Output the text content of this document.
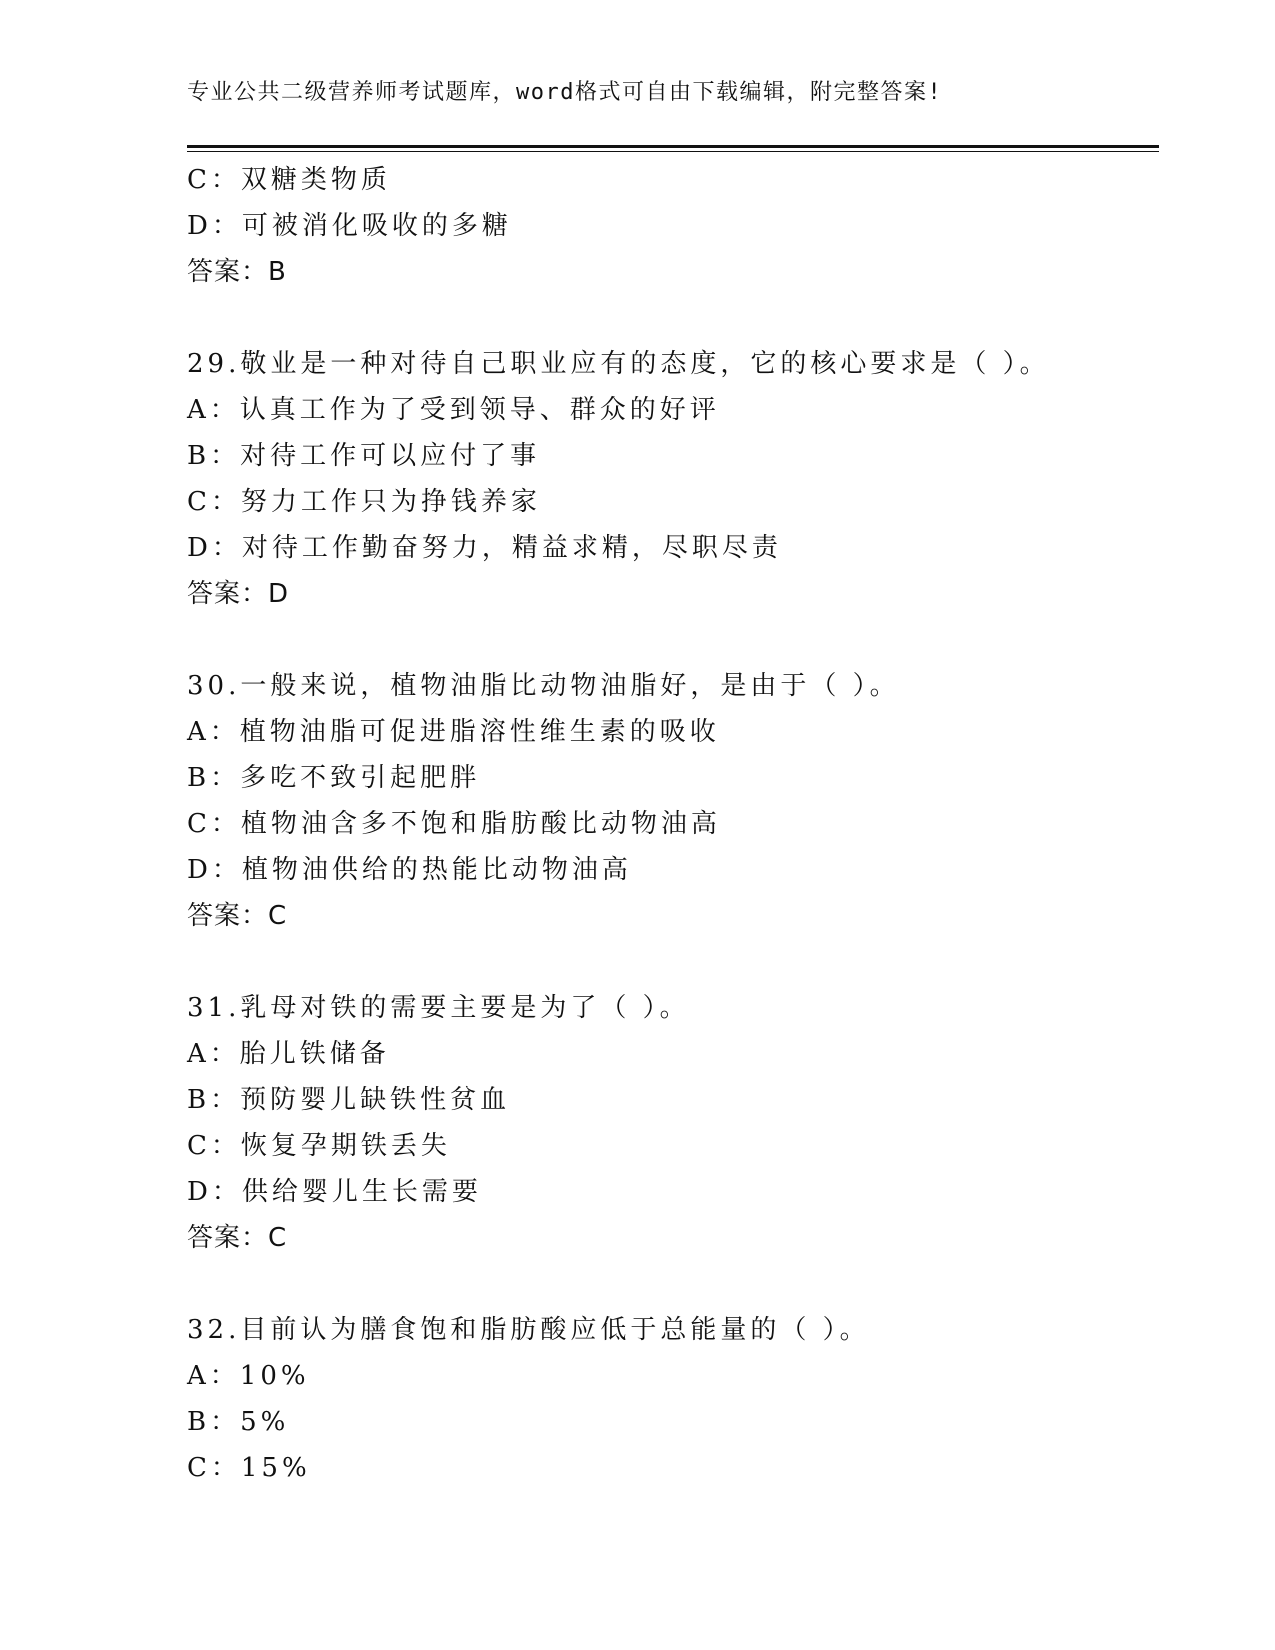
专业公共二级营养师考试题库，word格式可自由下载编辑，附完整答案!
C：双糖类物质
D：可被消化吸收的多糖
答案：B
29.敬业是一种对待自己职业应有的态度，它的核心要求是（ ）。
A：认真工作为了受到领导、群众的好评
B：对待工作可以应付了事
C：努力工作只为挣钱养家
D：对待工作勤奋努力，精益求精，尽职尽责
答案：D
30.一般来说，植物油脂比动物油脂好，是由于（ ）。
A：植物油脂可促进脂溶性维生素的吸收
B：多吃不致引起肥胖
C：植物油含多不饱和脂肪酸比动物油高
D：植物油供给的热能比动物油高
答案：C
31.乳母对铁的需要主要是为了（ ）。
A：胎儿铁储备
B：预防婴儿缺铁性贫血
C：恢复孕期铁丢失
D：供给婴儿生长需要
答案：C
32.目前认为膳食饱和脂肪酸应低于总能量的（ ）。
A：10%
B：5%
C：15%
